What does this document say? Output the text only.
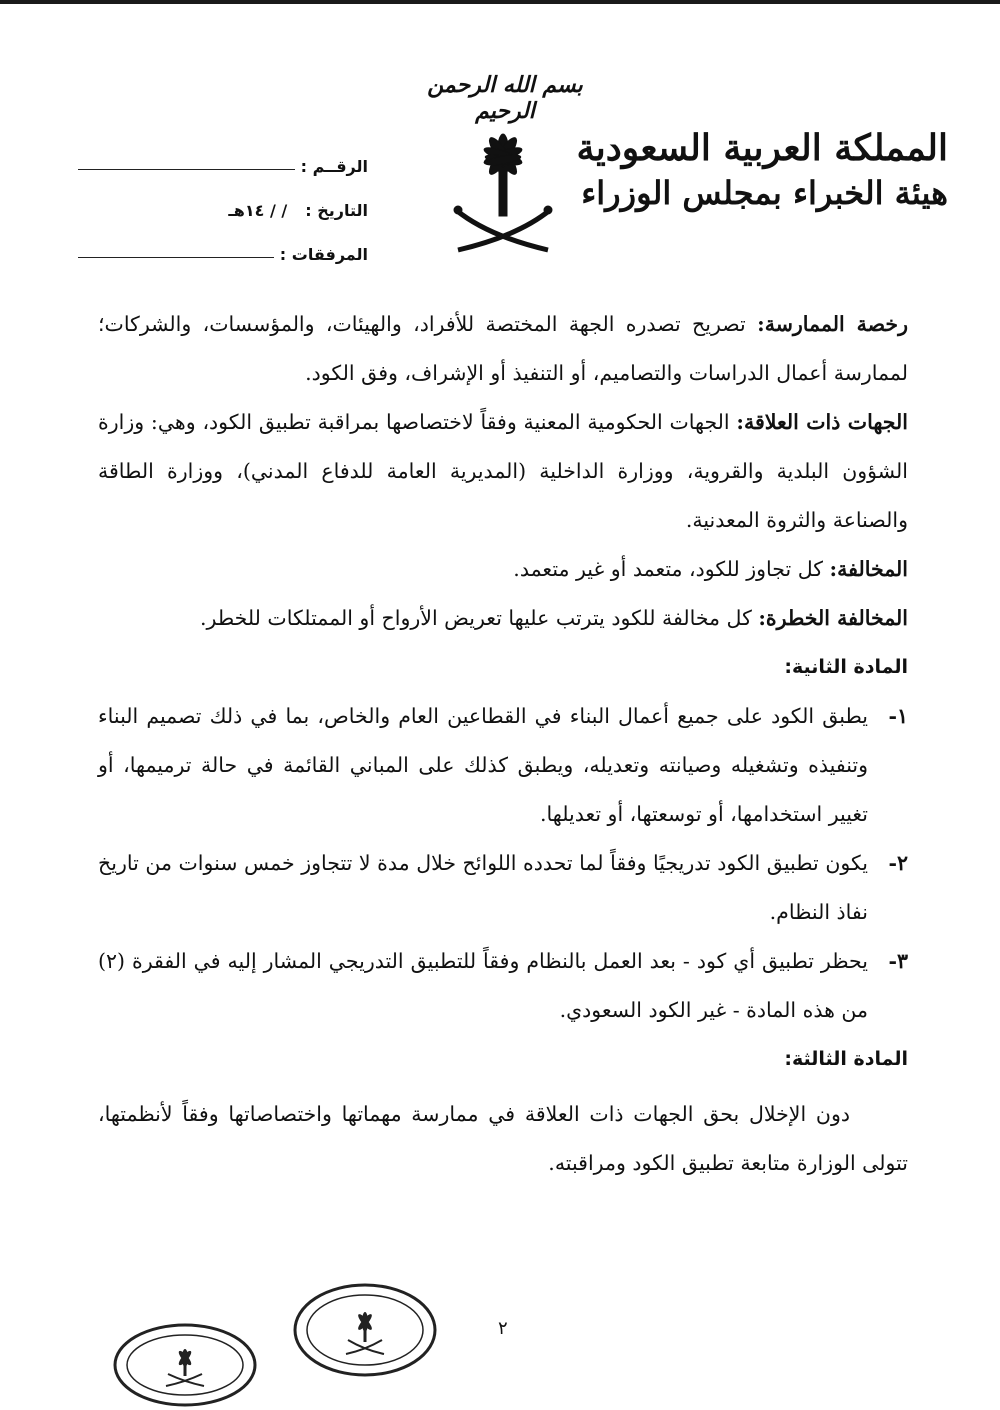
بسم الله الرحمن الرحيم
المملكة العربية السعودية
هيئة الخبراء بمجلس الوزراء
الرقــم :
التاريخ :
/ / ١٤هـ
المرفقات :

رخصة الممارسة: تصريح تصدره الجهة المختصة للأفراد، والهيئات، والمؤسسات، والشركات؛ لممارسة أعمال الدراسات والتصاميم، أو التنفيذ أو الإشراف، وفق الكود.

الجهات ذات العلاقة: الجهات الحكومية المعنية وفقاً لاختصاصها بمراقبة تطبيق الكود، وهي: وزارة الشؤون البلدية والقروية، ووزارة الداخلية (المديرية العامة للدفاع المدني)، ووزارة الطاقة والصناعة والثروة المعدنية.

المخالفة: كل تجاوز للكود، متعمد أو غير متعمد.

المخالفة الخطرة: كل مخالفة للكود يترتب عليها تعريض الأرواح أو الممتلكات للخطر.

المادة الثانية:

١-
يطبق الكود على جميع أعمال البناء في القطاعين العام والخاص، بما في ذلك تصميم البناء وتنفيذه وتشغيله وصيانته وتعديله، ويطبق كذلك على المباني القائمة في حالة ترميمها، أو تغيير استخدامها، أو توسعتها، أو تعديلها.
٢-
يكون تطبيق الكود تدريجيًا وفقاً لما تحدده اللوائح خلال مدة لا تتجاوز خمس سنوات من تاريخ نفاذ النظام.
٣-
يحظر تطبيق أي كود - بعد العمل بالنظام وفقاً للتطبيق التدريجي المشار إليه في الفقرة (٢) من هذه المادة - غير الكود السعودي.

المادة الثالثة:

دون الإخلال بحق الجهات ذات العلاقة في ممارسة مهماتها واختصاصاتها وفقاً لأنظمتها، تتولى الوزارة متابعة تطبيق الكود ومراقبته.

٢
